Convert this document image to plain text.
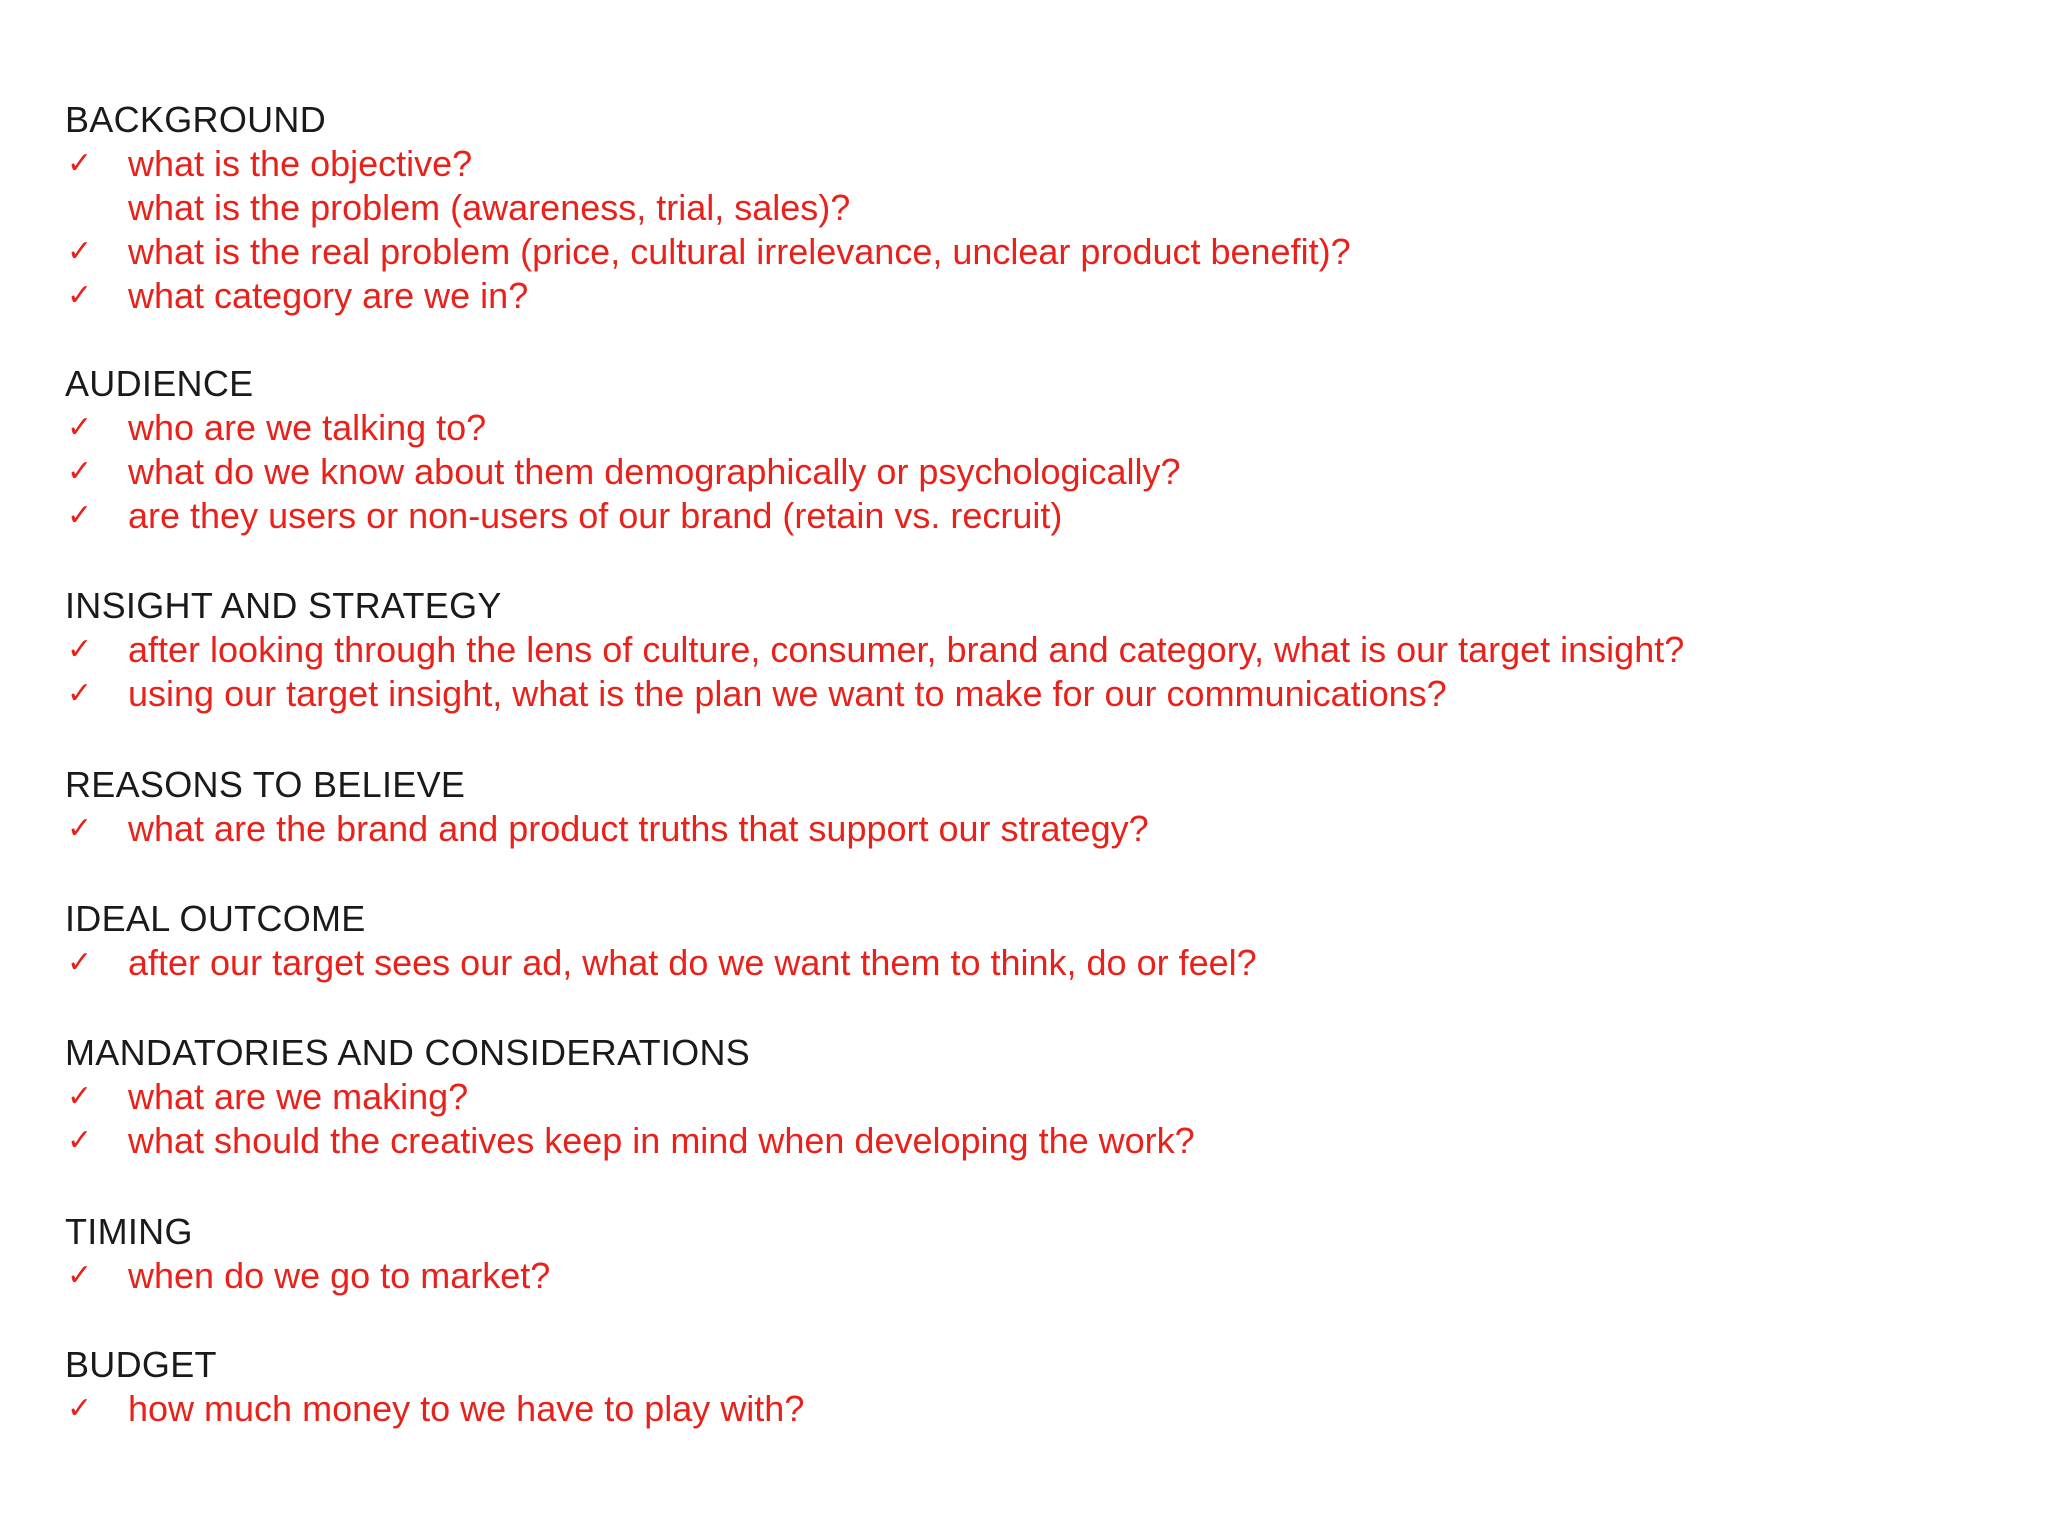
BACKGROUND
✓ what is the objective?
what is the problem (awareness, trial, sales)?
✓ what is the real problem (price, cultural irrelevance, unclear product benefit)?
✓ what category are we in?
AUDIENCE
✓ who are we talking to?
✓ what do we know about them demographically or psychologically?
✓ are they users or non-users of our brand (retain vs. recruit)
INSIGHT AND STRATEGY
✓ after looking through the lens of culture, consumer, brand and category, what is our target insight?
✓ using our target insight, what is the plan we want to make for our communications?
REASONS TO BELIEVE
✓ what are the brand and product truths that support our strategy?
IDEAL OUTCOME
✓ after our target sees our ad, what do we want them to think, do or feel?
MANDATORIES AND CONSIDERATIONS
✓ what are we making?
✓ what should the creatives keep in mind when developing the work?
TIMING
✓ when do we go to market?
BUDGET
✓ how much money to we have to play with?
